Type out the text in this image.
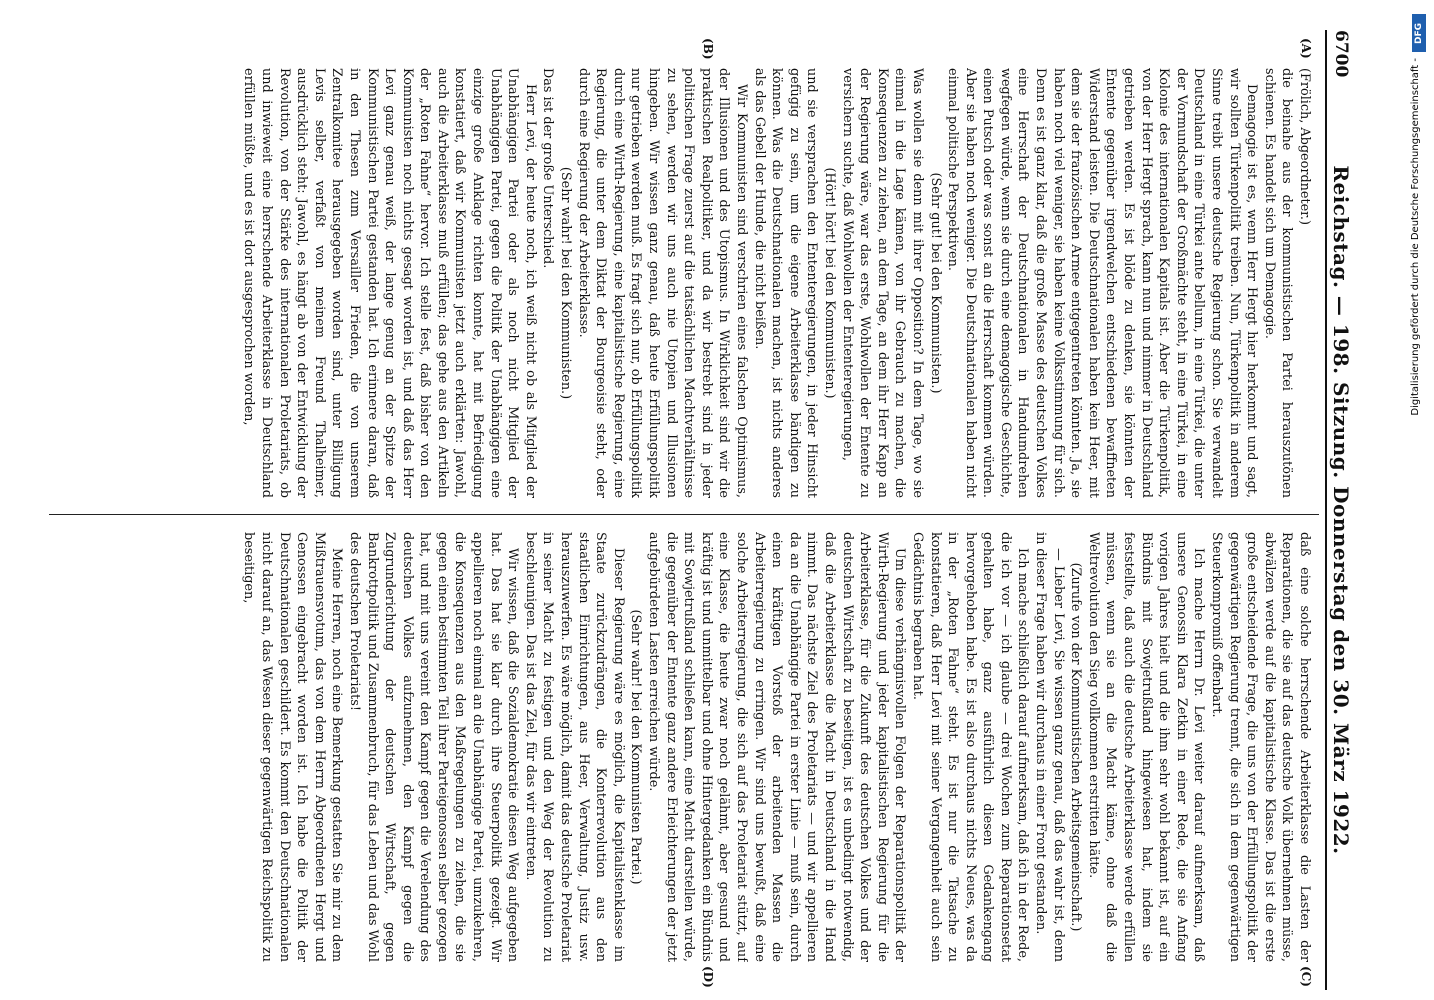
6700
Reichstag. — 198. Sitzung. Donnerstag den 30. März 1922.
(A)
(B)
(C)
(D)

(Frölich, Abgeordneter.)

die beinahe aus der kommunistischen Partei herauszutönen schienen. Es handelt sich um Demagogie.

Demagogie ist es, wenn Herr Hergt hier herkommt und sagt, wir sollten Türkenpolitik treiben. Nun, Türkenpolitik in anderem Sinne treibt unsere deutsche Regierung schon. Sie verwandelt Deutschland in eine Türkei ante bellum, in eine Türkei, die unter der Vormundschaft der Großmächte steht, in eine Türkei, in eine Kolonie des internationalen Kapitals ist. Aber die Türkenpolitik, von der Herr Hergt sprach, kann nun und nimmer in Deutschland getrieben werden. Es ist blöde zu denken, sie könnten der Entente gegenüber irgendwelchen entschiedenen bewaffneten Widerstand leisten. Die Deutschnationalen haben kein Heer, mit dem sie der französischen Armee entgegentreten könnten. Ja, sie haben noch viel weniger, sie haben keine Volksstimmung für sich. Denn es ist ganz klar, daß die große Masse des deutschen Volkes eine Herrschaft der Deutschnationalen in Handumdrehen wegfegen würde, wenn sie durch eine demagogische Geschichte, einen Putsch oder was sonst an die Herrschaft kommen würden. Aber sie haben noch weniger. Die Deutschnationalen haben nicht einmal politische Perspektiven.

(Sehr gut! bei den Kommunisten.)

Was wollen sie denn mit ihrer Opposition? In dem Tage, wo sie einmal in die Lage kämen, von ihr Gebrauch zu machen, die Konsequenzen zu ziehen, an dem Tage, an dem ihr Herr Kapp an der Regierung wäre, war das erste, Wohlwollen der Entente zu versichern suchte, daß Wohlwollen der Ententeregierungen,

(Hört! hört! bei den Kommunisten.)

und sie versprachen den Ententeregierungen, in jeder Hinsicht gefügig zu sein, um die eigene Arbeiterklasse bändigen zu können. Was die Deutschnationalen machen, ist nichts anderes als das Gebell der Hunde, die nicht beißen.

Wir Kommunisten sind verschrien eines falschen Optimismus, der Illusionen und des Utopismus. In Wirklichkeit sind wir die praktischen Realpolitiker, und da wir bestrebt sind in jeder politischen Frage zuerst auf die tatsächlichen Machtverhältnisse zu sehen, werden wir uns auch nie Utopien und Illusionen hingeben. Wir wissen ganz genau, daß heute Erfüllungspolitik nur getrieben werden muß. Es fragt sich nur, ob Erfüllungspolitik durch eine Wirth-Regierung, eine kapitalistische Regierung, eine Regierung, die unter dem Diktat der Bourgeoisie steht, oder durch eine Regierung der Arbeiterklasse.

(Sehr wahr! bei den Kommunisten.)

Das ist der große Unterschied.

Herr Levi, der heute noch, ich weiß nicht ob als Mitglied der Unabhängigen Partei oder als noch nicht Mitglied der Unabhängigen Partei, gegen die Politik der Unabhängigen eine einzige große Anklage richten konnte, hat mit Befriedigung konstatiert, daß wir Kommunisten jetzt auch erklärten: Jawohl, auch die Arbeiterklasse muß erfüllen; das gehe aus den Artikeln der „Roten Fahne“ hervor. Ich stelle fest, daß bisher von den Kommunisten noch nichts gesagt worden ist, und daß das Herr Levi ganz genau weiß, der lange genug an der Spitze der Kommunistischen Partei gestanden hat. Ich erinnere daran, daß in den Thesen zum Versailler Frieden, die von unserem Zentralkomitee herausgegeben worden sind, unter Billigung Levis selber, verfaßt von meinem Freund Thalheimer, ausdrücklich steht: Jawohl, es hängt ab von der Entwicklung der Revolution, von der Stärke des internationalen Proletariats, ob und inwieweit eine herrschende Arbeiterklasse in Deutschland erfüllen müßte, und es ist dort ausgesprochen worden,

daß eine solche herrschende Arbeiterklasse die Lasten der Reparationen, die sie auf das deutsche Volk übernehmen müsse, abwälzen werde auf die kapitalistische Klasse. Das ist die erste große entscheidende Frage, die uns von der Erfüllungspolitik der gegenwärtigen Regierung trennt, die sich in dem gegenwärtigen Steuerkompromiß offenbart.

Ich mache Herrn Dr. Levi weiter darauf aufmerksam, daß unsere Genossin Klara Zetkin in einer Rede, die sie Anfang vorigen Jahres hielt und die ihm sehr wohl bekannt ist, auf ein Bündnis mit Sowjetrußland hingewiesen hat, indem sie feststellte, daß auch die deutsche Arbeiterklasse werde erfüllen müssen, wenn sie an die Macht käme, ohne daß die Weltrevolution den Sieg vollkommen erstritten hätte.

(Zurufe von der Kommunistischen Arbeitsgemeinschaft.)

— Lieber Levi, Sie wissen ganz genau, daß das wahr ist, denn in dieser Frage haben wir durchaus in einer Front gestanden.

Ich mache schließlich darauf aufmerksam, daß ich in der Rede, die ich vor — ich glaube — drei Wochen zum Reparationsetat gehalten habe, ganz ausführlich diesen Gedankengang hervorgehoben habe. Es ist also durchaus nichts Neues, was da in der „Roten Fahne“ steht. Es ist nur die Tatsache zu konstatieren, daß Herr Levi mit seiner Vergangenheit auch sein Gedächtnis begraben hat.

Um diese verhängnisvollen Folgen der Reparationspolitik der Wirth-Regierung und jeder kapitalistischen Regierung für die Arbeiterklasse, für die Zukunft des deutschen Volkes und der deutschen Wirtschaft zu beseitigen, ist es unbedingt notwendig, daß die Arbeiterklasse die Macht in Deutschland in die Hand nimmt. Das nächste Ziel des Proletariats — und wir appellieren da an die Unabhängige Partei in erster Linie — muß sein, durch einen kräftigen Vorstoß der arbeitenden Massen die Arbeiterregierung zu erringen. Wir sind uns bewußt, daß eine solche Arbeiterregierung, die sich auf das Proletariat stützt, auf eine Klasse, die heute zwar noch gelähmt, aber gesund und kräftig ist und unmittelbar und ohne Hintergedanken ein Bündnis mit Sowjetrußland schließen kann, eine Macht darstellen würde, die gegenüber der Entente ganz andere Erleichterungen der jetzt aufgebürdeten Lasten erreichen würde.

(Sehr wahr! bei den Kommunisten Partei.)

Dieser Regierung wäre es möglich, die Kapitalistenklasse im Staate zurückzudrängen, die Konterrevolution aus den staatlichen Einrichtungen, aus Heer, Verwaltung, Justiz usw. herauszuwerfen. Es wäre möglich, damit das deutsche Proletariat in seiner Macht zu festigen und den Weg der Revolution zu beschleunigen. Das ist das Ziel, für das wir eintreten.

Wir wissen, daß die Sozialdemokratie diesen Weg aufgegeben hat. Das hat sie klar durch ihre Steuerpolitik gezeigt. Wir appellieren noch einmal an die Unabhängige Partei, umzukehren, die Konsequenzen aus den Maßregelungen zu ziehen, die sie gegen einen bestimmten Teil ihrer Parteigenossen selber gezogen hat, und mit uns vereint den Kampf gegen die Verelendung des deutschen Volkes aufzunehmen, den Kampf gegen die Zugrunderichtung der deutschen Wirtschaft, gegen Bankrottpolitik und Zusammenbruch, für das Leben und das Wohl des deutschen Proletariats!

Meine Herren, noch eine Bemerkung gestatten Sie mir zu dem Mißtrauensvotum, das von dem Herrn Abgeordneten Hergt und Genossen eingebracht worden ist. Ich habe die Politik der Deutschnationalen geschildert. Es kommt den Deutschnationalen nicht darauf an, das Wesen dieser gegenwärtigen Reichspolitik zu beseitigen,

DFG
Digitalisierung gefördert durch die Deutsche Forschungsgemeinschaft -
